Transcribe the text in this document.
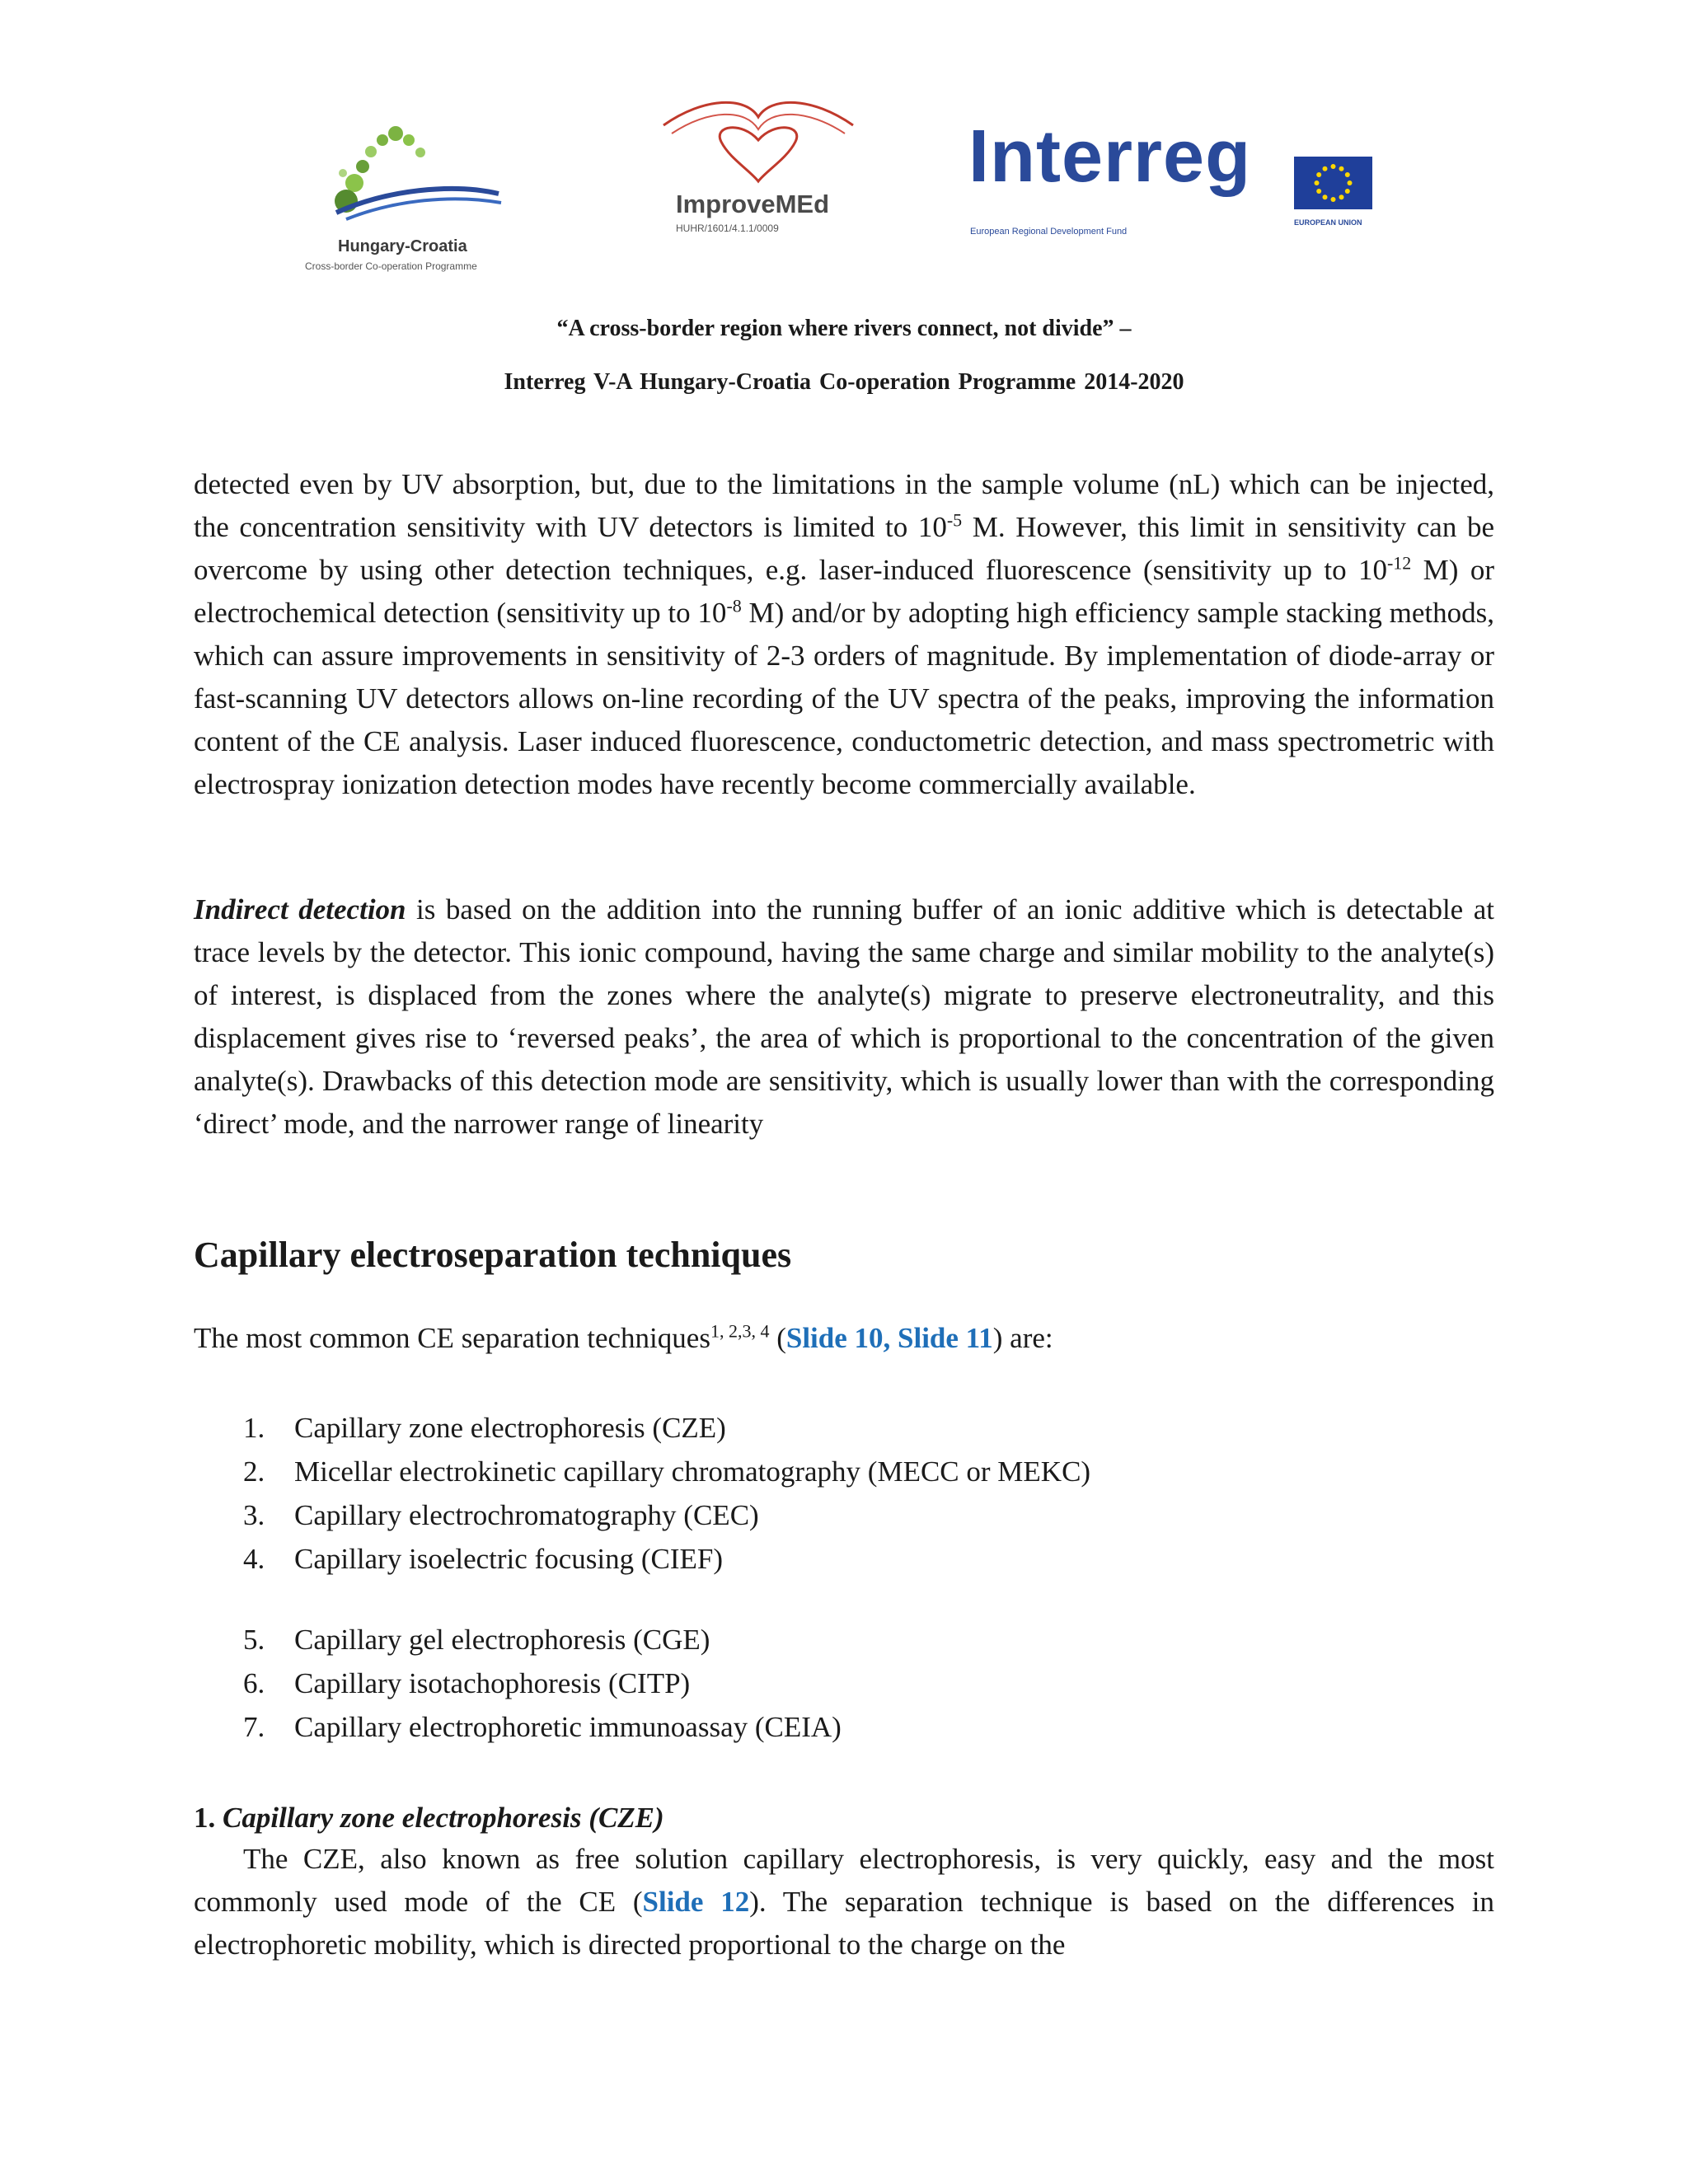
Hungary-Croatia
Cross-border Co-operation Programme
ImproveMEd
HUHR/1601/4.1.1/0009
Interreg
European Regional Development Fund
EUROPEAN UNION
“A cross-border region where rivers connect, not divide” –
Interreg V-A Hungary-Croatia Co-operation Programme 2014-2020
detected even by UV absorption, but, due to the limitations in the sample volume (nL) which can be injected, the concentration sensitivity with UV detectors is limited to $10^{-5}$ M. However, this limit in sensitivity can be overcome by using other detection techniques, e.g. laser-induced fluorescence (sensitivity up to $10^{-12}$ M) or electrochemical detection (sensitivity up to $10^{-8}$ M) and/or by adopting high efficiency sample stacking methods, which can assure improvements in sensitivity of 2-3 orders of magnitude. By implementation of diode-array or fast-scanning UV detectors allows on-line recording of the UV spectra of the peaks, improving the information content of the CE analysis. Laser induced fluorescence, conductometric detection, and mass spectrometric with electrospray ionization detection modes have recently become commercially available.
Indirect detection is based on the addition into the running buffer of an ionic additive which is detectable at trace levels by the detector. This ionic compound, having the same charge and similar mobility to the analyte(s) of interest, is displaced from the zones where the analyte(s) migrate to preserve electroneutrality, and this displacement gives rise to ‘reversed peaks’, the area of which is proportional to the concentration of the given analyte(s). Drawbacks of this detection mode are sensitivity, which is usually lower than with the corresponding ‘direct’ mode, and the narrower range of linearity
Capillary electroseparation techniques
The most common CE separation techniques$^{1, 2,3, 4}$ (Slide 10, Slide 11) are:
1.	Capillary zone electrophoresis (CZE)
2.	Micellar electrokinetic capillary chromatography (MECC or MEKC)
3.	Capillary electrochromatography (CEC)
4.	Capillary isoelectric focusing (CIEF)
5.	Capillary gel electrophoresis (CGE)
6.	Capillary isotachophoresis (CITP)
7.	Capillary electrophoretic immunoassay (CEIA)
1. Capillary zone electrophoresis (CZE)
The CZE, also known as free solution capillary electrophoresis, is very quickly, easy and the most commonly used mode of the CE (Slide 12). The separation technique is based on the differences in electrophoretic mobility, which is directed proportional to the charge on the
